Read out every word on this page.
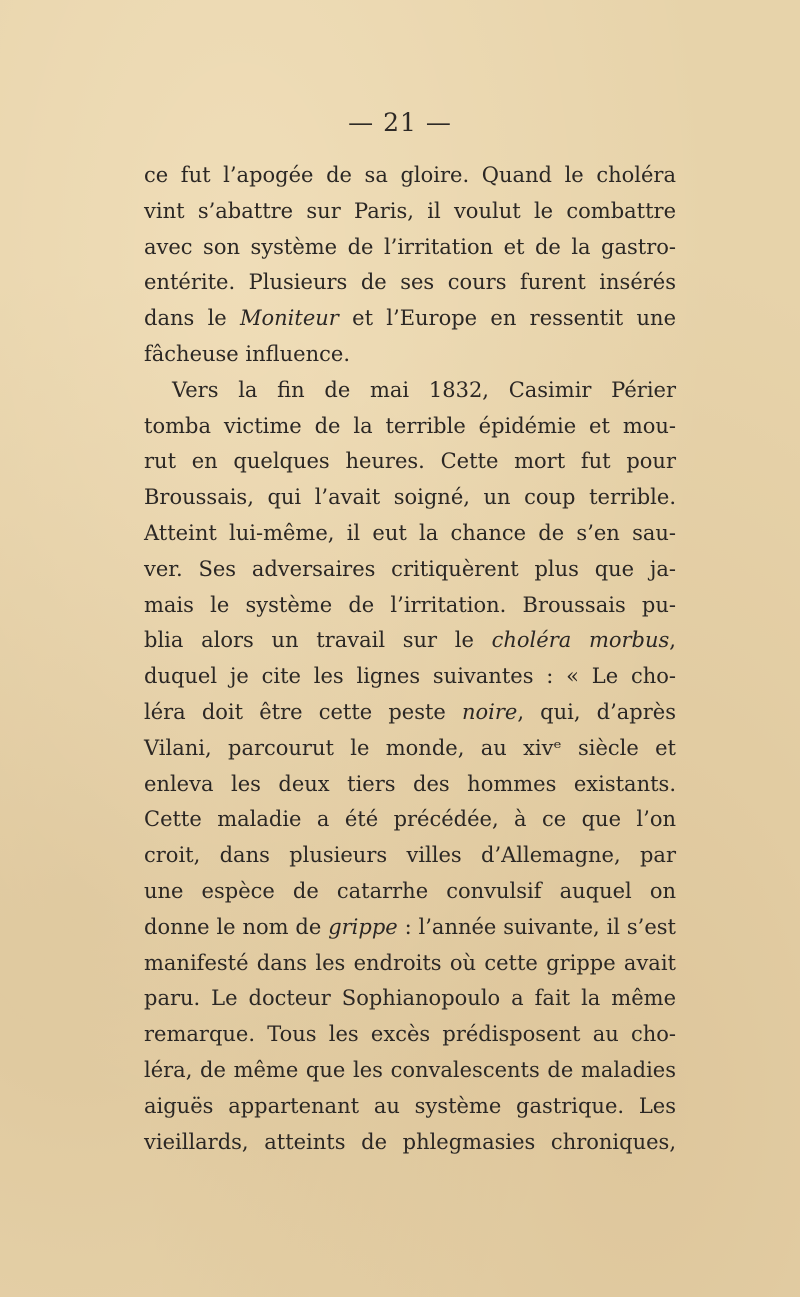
— 21 —
ce fut l’apogée de sa gloire. Quand le choléra
vint s’abattre sur Paris, il voulut le combattre
avec son système de l’irritation et de la gastro-
entérite. Plusieurs de ses cours furent insérés
dans le Moniteur et l’Europe en ressentit une
fâcheuse influence.
Vers la fin de mai 1832, Casimir Périer
tomba victime de la terrible épidémie et mou-
rut en quelques heures. Cette mort fut pour
Broussais, qui l’avait soigné, un coup terrible.
Atteint lui-même, il eut la chance de s’en sau-
ver. Ses adversaires critiquèrent plus que ja-
mais le système de l’irritation. Broussais pu-
blia alors un travail sur le choléra morbus,
duquel je cite les lignes suivantes : « Le cho-
léra doit être cette peste noire, qui, d’après
Vilani, parcourut le monde, au xivᵉ siècle et
enleva les deux tiers des hommes existants.
Cette maladie a été précédée, à ce que l’on
croit, dans plusieurs villes d’Allemagne, par
une espèce de catarrhe convulsif auquel on
donne le nom de grippe : l’année suivante, il s’est
manifesté dans les endroits où cette grippe avait
paru. Le docteur Sophianopoulo a fait la même
remarque. Tous les excès prédisposent au cho-
léra, de même que les convalescents de maladies
aiguës appartenant au système gastrique. Les
vieillards, atteints de phlegmasies chroniques,
